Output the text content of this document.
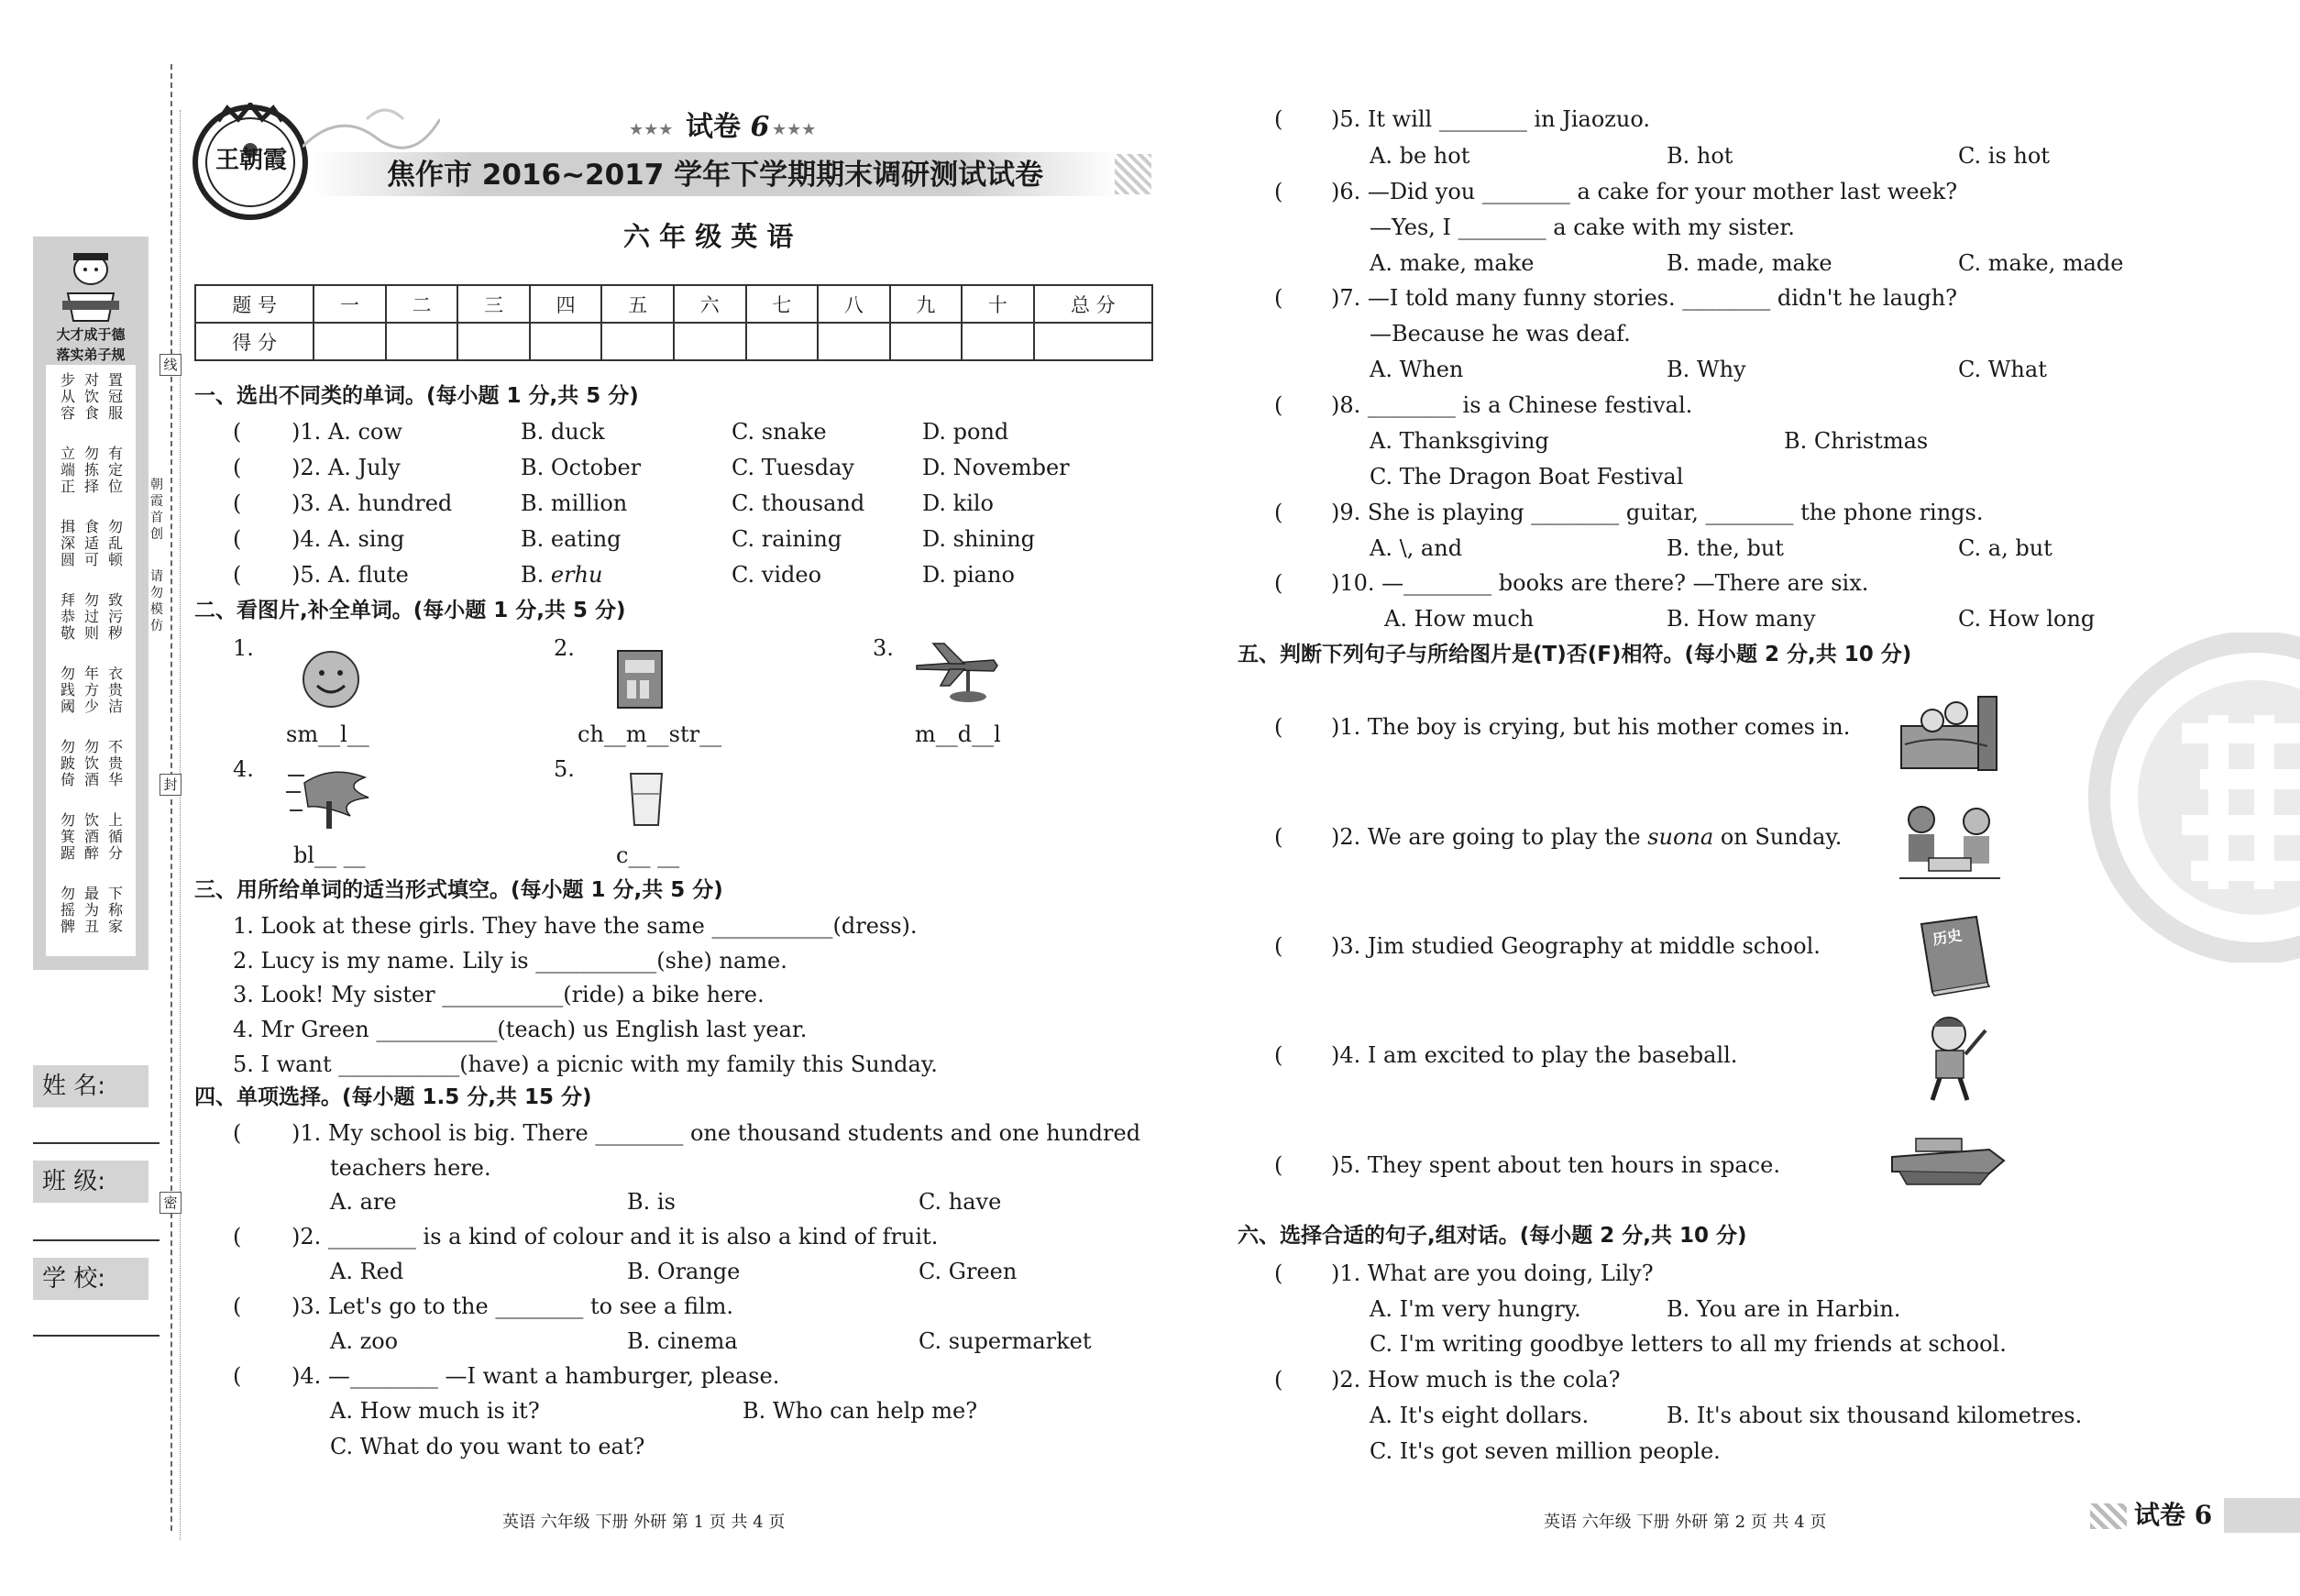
大才成于德
落实弟子规
步从容
对饮食
置冠服
立端正
勿拣择
有定位
揖深圆
食适可
勿乱顿
拜恭敬
勿过则
致污秽
勿践阈
年方少
衣贵洁
勿跛倚
勿饮酒
不贵华
勿箕踞
饮酒醉
上循分
勿摇髀
最为丑
下称家
线
封
密
朝霞首创
请勿模仿
姓 名:
班 级:
学 校:
王朝霞
★★★ 试卷 6 ★★★
焦作市 2016~2017 学年下学期期末调研测试试卷
六 年 级 英 语
题 号	一	二	三	四	五	六	七	八	九	十	总 分
得 分											
一、选出不同类的单词。(每小题 1 分,共 5 分)
( )1. A. cow	B. duck	C. snake	D. pond
( )2. A. July	B. October	C. Tuesday	D. November
( )3. A. hundred	B. million	C. thousand	D. kilo
( )4. A. sing	B. eating	C. raining	D. shining
( )5. A. flute	B. erhu	C. video	D. piano
二、看图片,补全单词。(每小题 1 分,共 5 分)
1.	2.	3.
4.	5.
sm__l__	ch__m__str__	m__d__l
bl__ __	c__ __
三、用所给单词的适当形式填空。(每小题 1 分,共 5 分)
1. Look at these girls. They have the same ___________(dress).
2. Lucy is my name. Lily is ___________(she) name.
3. Look! My sister ___________(ride) a bike here.
4. Mr Green ___________(teach) us English last year.
5. I want ___________(have) a picnic with my family this Sunday.
四、单项选择。(每小题 1.5 分,共 15 分)
( )1. My school is big. There ________ one thousand students and one hundred
teachers here.
A. are	B. is	C. have
( )2. ________ is a kind of colour and it is also a kind of fruit.
A. Red	B. Orange	C. Green
( )3. Let's go to the ________ to see a film.
A. zoo	B. cinema	C. supermarket
( )4. —________ —I want a hamburger, please.
A. How much is it?	B. Who can help me?
C. What do you want to eat?
英语 六年级 下册 外研 第 1 页 共 4 页
( )5. It will ________ in Jiaozuo.
A. be hot	B. hot	C. is hot
( )6. —Did you ________ a cake for your mother last week?
—Yes, I ________ a cake with my sister.
A. make, make	B. made, make	C. make, made
( )7. —I told many funny stories. ________ didn't he laugh?
—Because he was deaf.
A. When	B. Why	C. What
( )8. ________ is a Chinese festival.
A. Thanksgiving	B. Christmas
C. The Dragon Boat Festival
( )9. She is playing ________ guitar, ________ the phone rings.
A. \, and	B. the, but	C. a, but
( )10. —________ books are there? —There are six.
A. How much	B. How many	C. How long
五、判断下列句子与所给图片是(T)否(F)相符。(每小题 2 分,共 10 分)
( )1. The boy is crying, but his mother comes in.
( )2. We are going to play the suona on Sunday.
( )3. Jim studied Geography at middle school.
( )4. I am excited to play the baseball.
( )5. They spent about ten hours in space.
历史
六、选择合适的句子,组对话。(每小题 2 分,共 10 分)
( )1. What are you doing, Lily?
A. I'm very hungry.	B. You are in Harbin.
C. I'm writing goodbye letters to all my friends at school.
( )2. How much is the cola?
A. It's eight dollars.	B. It's about six thousand kilometres.
C. It's got seven million people.
英语 六年级 下册 外研 第 2 页 共 4 页	试卷 6
